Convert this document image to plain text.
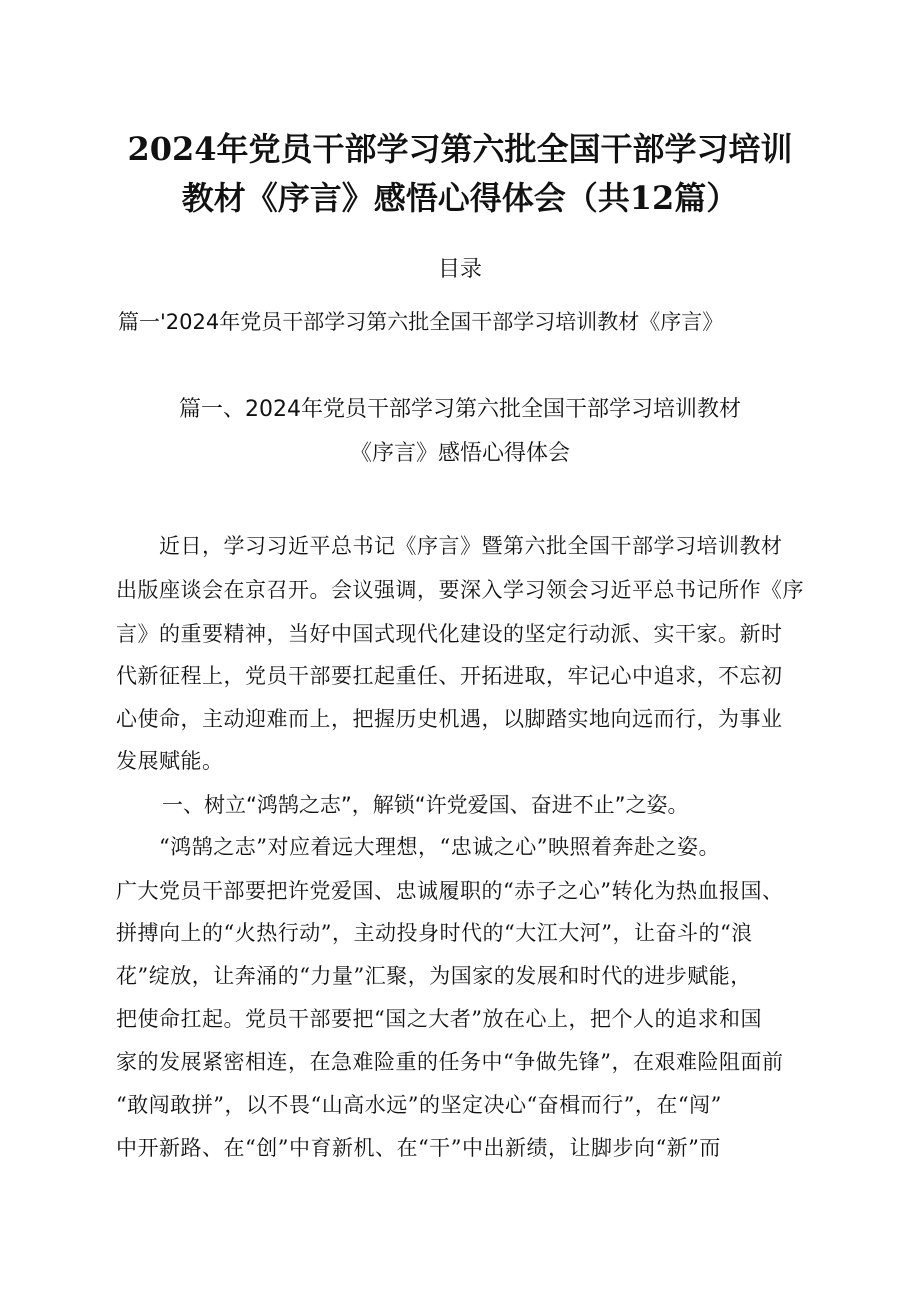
2024年党员干部学习第六批全国干部学习培训
教材《序言》感悟心得体会（共12篇）
目录
篇一'2024年党员干部学习第六批全国干部学习培训教材《序言》
篇一、2024年党员干部学习第六批全国干部学习培训教材
《序言》感悟心得体会
　　近日，学习习近平总书记《序言》暨第六批全国干部学习培训教材
出版座谈会在京召开。会议强调，要深入学习领会习近平总书记所作《序
言》的重要精神，当好中国式现代化建设的坚定行动派、实干家。新时
代新征程上，党员干部要扛起重任、开拓进取，牢记心中追求，不忘初
心使命，主动迎难而上，把握历史机遇，以脚踏实地向远而行，为事业
发展赋能。
一、树立“鸿鹄之志”，解锁“许党爱国、奋进不止”之姿。
　　“鸿鹄之志”对应着远大理想，“忠诚之心”映照着奔赴之姿。
广大党员干部要把许党爱国、忠诚履职的“赤子之心”转化为热血报国、
拼搏向上的“火热行动”，主动投身时代的“大江大河”，让奋斗的“浪
花”绽放，让奔涌的“力量”汇聚，为国家的发展和时代的进步赋能，
把使命扛起。党员干部要把“国之大者”放在心上，把个人的追求和国
家的发展紧密相连，在急难险重的任务中“争做先锋”，在艰难险阻面前
“敢闯敢拼”，以不畏“山高水远”的坚定决心“奋楫而行”，在“闯”
中开新路、在“创”中育新机、在“干”中出新绩，让脚步向“新”而
